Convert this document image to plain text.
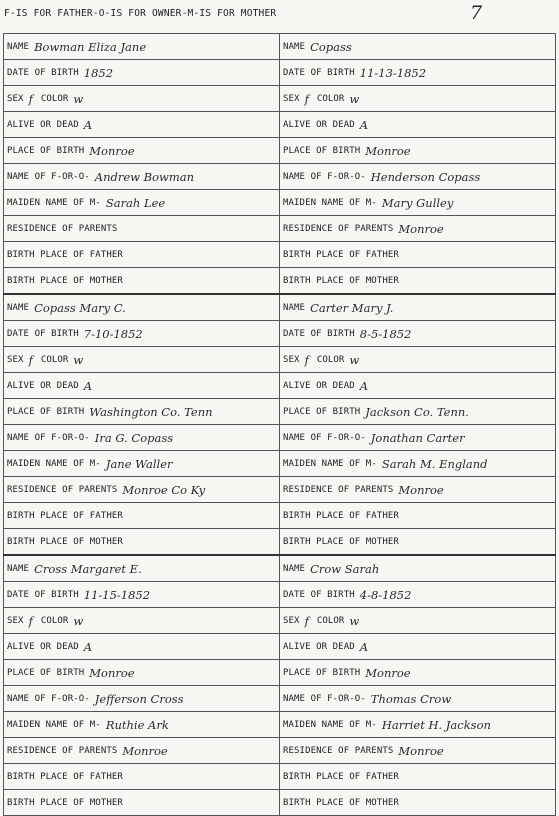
F-IS FOR FATHER-O-IS FOR OWNER-M-IS FOR MOTHER	7
NAME Bowman Eliza Jane	NAME Copass
DATE OF BIRTH 1852	DATE OF BIRTH 11-13-1852
SEX f COLOR w	SEX f COLOR w
ALIVE OR DEAD A	ALIVE OR DEAD A
PLACE OF BIRTH Monroe	PLACE OF BIRTH Monroe
NAME OF F-OR-O- Andrew Bowman	NAME OF F-OR-O- Henderson Copass
MAIDEN NAME OF M- Sarah Lee	MAIDEN NAME OF M- Mary Gulley
RESIDENCE OF PARENTS	RESIDENCE OF PARENTS Monroe
BIRTH PLACE OF FATHER	BIRTH PLACE OF FATHER
BIRTH PLACE OF MOTHER	BIRTH PLACE OF MOTHER
NAME Copass Mary C.	NAME Carter Mary J.
DATE OF BIRTH 7-10-1852	DATE OF BIRTH 8-5-1852
SEX f COLOR w	SEX f COLOR w
ALIVE OR DEAD A	ALIVE OR DEAD A
PLACE OF BIRTH Washington Co. Tenn	PLACE OF BIRTH Jackson Co. Tenn.
NAME OF F-OR-O- Ira G. Copass	NAME OF F-OR-O- Jonathan Carter
MAIDEN NAME OF M- Jane Waller	MAIDEN NAME OF M- Sarah M. England
RESIDENCE OF PARENTS Monroe Co Ky	RESIDENCE OF PARENTS Monroe
BIRTH PLACE OF FATHER	BIRTH PLACE OF FATHER
BIRTH PLACE OF MOTHER	BIRTH PLACE OF MOTHER
NAME Cross Margaret E.	NAME Crow Sarah
DATE OF BIRTH 11-15-1852	DATE OF BIRTH 4-8-1852
SEX f COLOR w	SEX f COLOR w
ALIVE OR DEAD A	ALIVE OR DEAD A
PLACE OF BIRTH Monroe	PLACE OF BIRTH Monroe
NAME OF F-OR-O- Jefferson Cross	NAME OF F-OR-O- Thomas Crow
MAIDEN NAME OF M- Ruthie Ark	MAIDEN NAME OF M- Harriet H. Jackson
RESIDENCE OF PARENTS Monroe	RESIDENCE OF PARENTS Monroe
BIRTH PLACE OF FATHER	BIRTH PLACE OF FATHER
BIRTH PLACE OF MOTHER	BIRTH PLACE OF MOTHER
